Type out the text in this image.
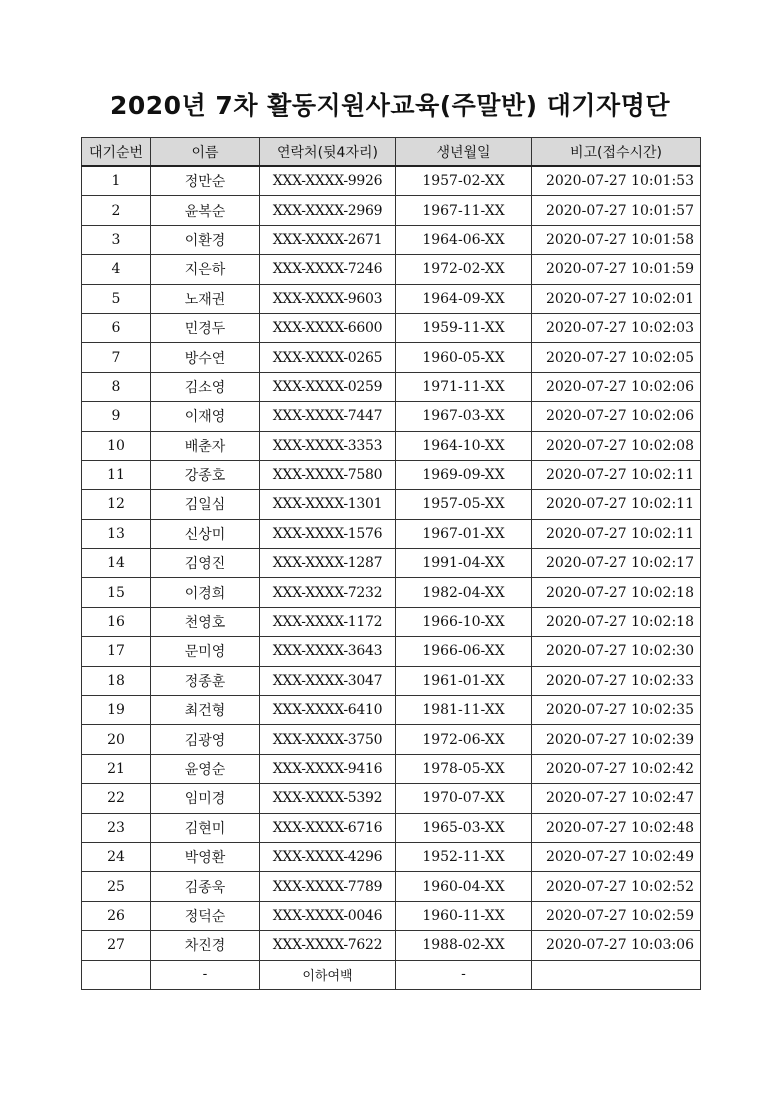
2020년 7차 활동지원사교육(주말반) 대기자명단
대기순번	이름	연락처(뒷4자리)	생년월일	비고(접수시간)
1	정만순	XXX-XXXX-9926	1957-02-XX	2020-07-27 10:01:53
2	윤복순	XXX-XXXX-2969	1967-11-XX	2020-07-27 10:01:57
3	이환경	XXX-XXXX-2671	1964-06-XX	2020-07-27 10:01:58
4	지은하	XXX-XXXX-7246	1972-02-XX	2020-07-27 10:01:59
5	노재권	XXX-XXXX-9603	1964-09-XX	2020-07-27 10:02:01
6	민경두	XXX-XXXX-6600	1959-11-XX	2020-07-27 10:02:03
7	방수연	XXX-XXXX-0265	1960-05-XX	2020-07-27 10:02:05
8	김소영	XXX-XXXX-0259	1971-11-XX	2020-07-27 10:02:06
9	이재영	XXX-XXXX-7447	1967-03-XX	2020-07-27 10:02:06
10	배춘자	XXX-XXXX-3353	1964-10-XX	2020-07-27 10:02:08
11	강종호	XXX-XXXX-7580	1969-09-XX	2020-07-27 10:02:11
12	김일심	XXX-XXXX-1301	1957-05-XX	2020-07-27 10:02:11
13	신상미	XXX-XXXX-1576	1967-01-XX	2020-07-27 10:02:11
14	김영진	XXX-XXXX-1287	1991-04-XX	2020-07-27 10:02:17
15	이경희	XXX-XXXX-7232	1982-04-XX	2020-07-27 10:02:18
16	천영호	XXX-XXXX-1172	1966-10-XX	2020-07-27 10:02:18
17	문미영	XXX-XXXX-3643	1966-06-XX	2020-07-27 10:02:30
18	정종훈	XXX-XXXX-3047	1961-01-XX	2020-07-27 10:02:33
19	최건형	XXX-XXXX-6410	1981-11-XX	2020-07-27 10:02:35
20	김광영	XXX-XXXX-3750	1972-06-XX	2020-07-27 10:02:39
21	윤영순	XXX-XXXX-9416	1978-05-XX	2020-07-27 10:02:42
22	임미경	XXX-XXXX-5392	1970-07-XX	2020-07-27 10:02:47
23	김현미	XXX-XXXX-6716	1965-03-XX	2020-07-27 10:02:48
24	박영환	XXX-XXXX-4296	1952-11-XX	2020-07-27 10:02:49
25	김종욱	XXX-XXXX-7789	1960-04-XX	2020-07-27 10:02:52
26	정덕순	XXX-XXXX-0046	1960-11-XX	2020-07-27 10:02:59
27	차진경	XXX-XXXX-7622	1988-02-XX	2020-07-27 10:03:06
	-	이하여백	-	
